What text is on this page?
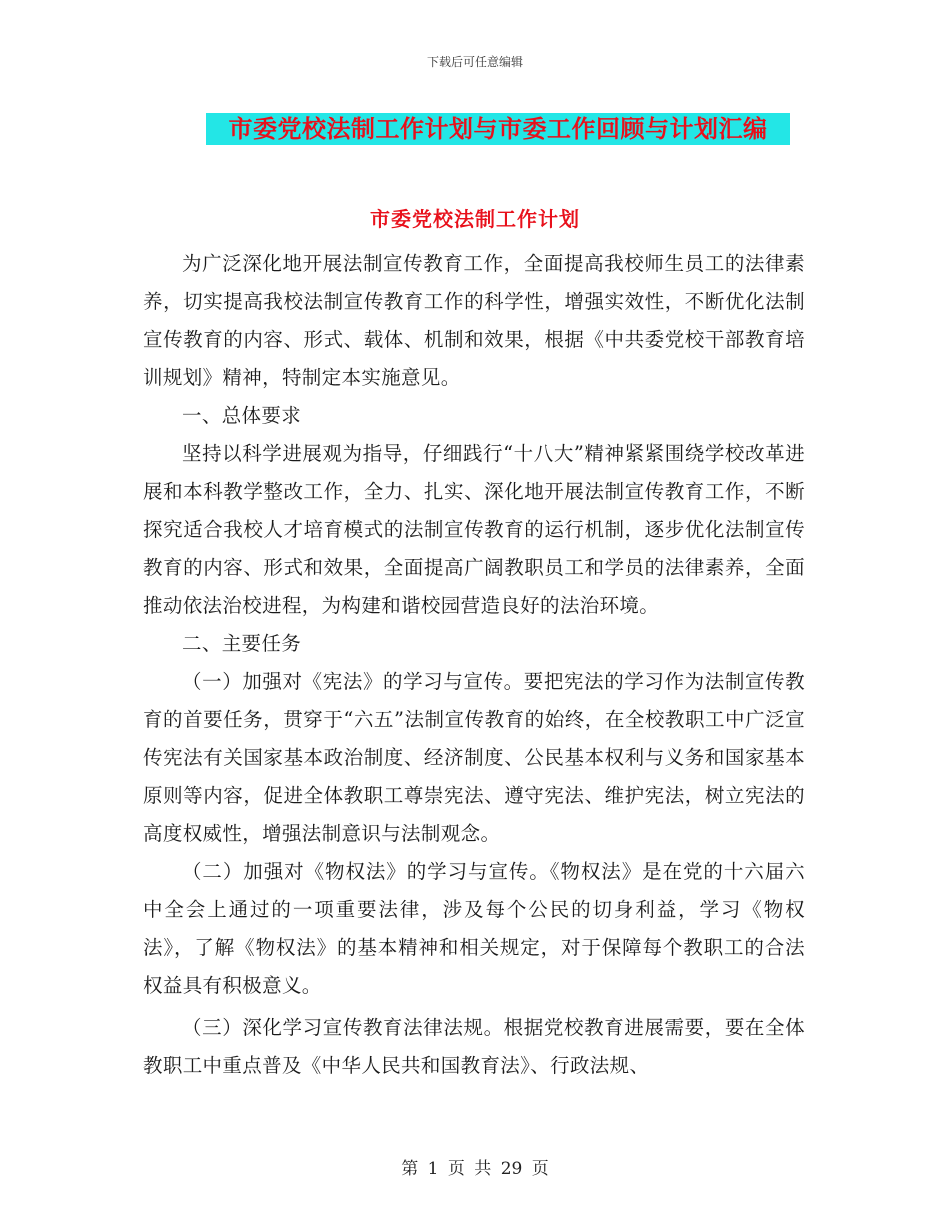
下载后可任意编辑
市委党校法制工作计划与市委工作回顾与计划汇编
市委党校法制工作计划

为广泛深化地开展法制宣传教育工作，全面提高我校师生员工的法律素养，切实提高我校法制宣传教育工作的科学性，增强实效性，不断优化法制宣传教育的内容、形式、载体、机制和效果，根据《中共委党校干部教育培训规划》精神，特制定本实施意见。

一、总体要求

坚持以科学进展观为指导，仔细践行“十八大”精神紧紧围绕学校改革进展和本科教学整改工作，全力、扎实、深化地开展法制宣传教育工作，不断探究适合我校人才培育模式的法制宣传教育的运行机制，逐步优化法制宣传教育的内容、形式和效果，全面提高广阔教职员工和学员的法律素养，全面推动依法治校进程，为构建和谐校园营造良好的法治环境。

二、主要任务

（一）加强对《宪法》的学习与宣传。要把宪法的学习作为法制宣传教育的首要任务，贯穿于“六五”法制宣传教育的始终，在全校教职工中广泛宣传宪法有关国家基本政治制度、经济制度、公民基本权利与义务和国家基本原则等内容，促进全体教职工尊崇宪法、遵守宪法、维护宪法，树立宪法的高度权威性，增强法制意识与法制观念。

（二）加强对《物权法》的学习与宣传。《物权法》是在党的十六届六中全会上通过的一项重要法律，涉及每个公民的切身利益，学习《物权法》，了解《物权法》的基本精神和相关规定，对于保障每个教职工的合法权益具有积极意义。

（三）深化学习宣传教育法律法规。根据党校教育进展需要，要在全体教职工中重点普及《中华人民共和国教育法》、行政法规、

第 1 页 共 29 页
